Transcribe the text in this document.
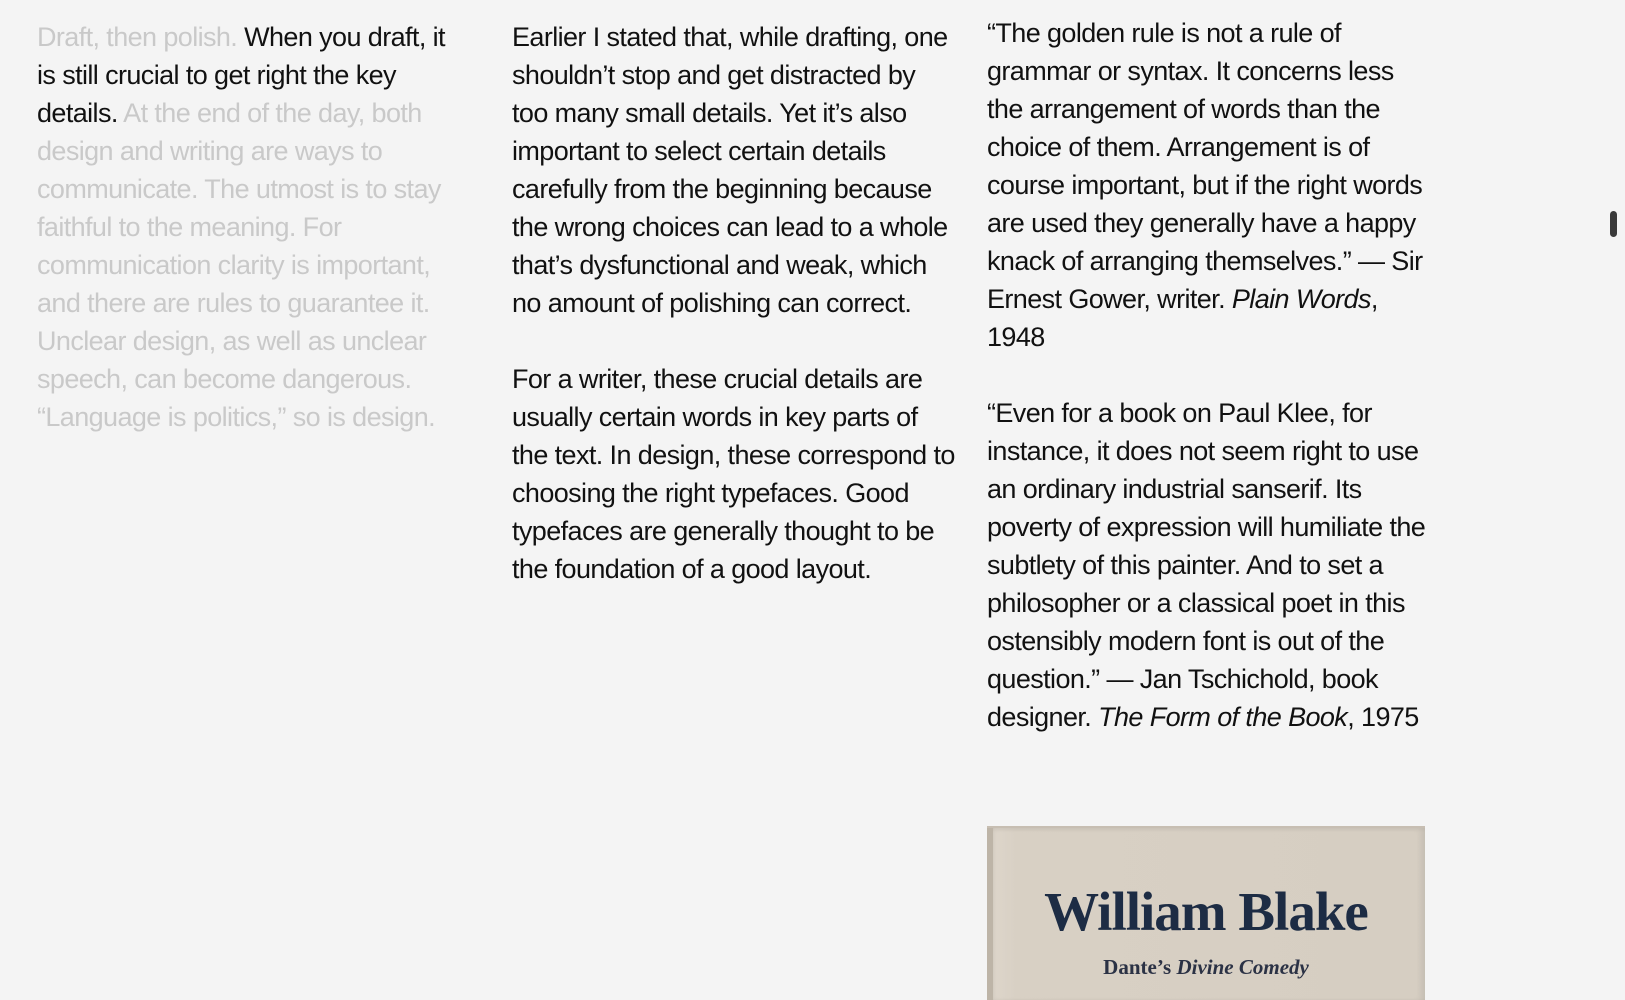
Draft, then polish. When you draft, it is still crucial to get right the key details. At the end of the day, both design and writing are ways to communicate. The utmost is to stay faithful to the meaning. For communication clarity is important, and there are rules to guarantee it. Unclear design, as well as unclear speech, can become dangerous. “Language is politics,” so is design.

Earlier I stated that, while drafting, one shouldn’t stop and get distracted by too many small details. Yet it’s also important to select certain details carefully from the beginning because the wrong choices can lead to a whole that’s dysfunctional and weak, which no amount of polishing can correct.

For a writer, these crucial details are usually certain words in key parts of the text. In design, these correspond to choosing the right typefaces. Good typefaces are generally thought to be the foundation of a good layout.

“The golden rule is not a rule of grammar or syntax. It concerns less the arrangement of words than the choice of them. Arrangement is of course important, but if the right words are used they generally have a happy knack of arranging themselves.” — Sir Ernest Gower, writer. Plain Words, 1948

“Even for a book on Paul Klee, for instance, it does not seem right to use an ordinary industrial sanserif. Its poverty of expression will humiliate the subtlety of this painter. And to set a philosopher or a classical poet in this ostensibly modern font is out of the question.” — Jan Tschichold, book designer. The Form of the Book, 1975

William Blake
Dante’s Divine Comedy
